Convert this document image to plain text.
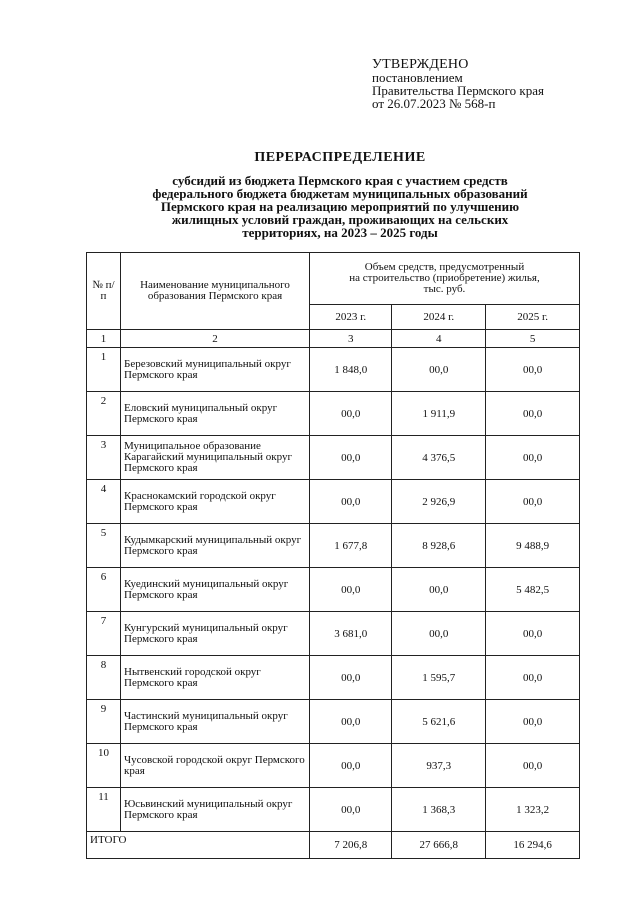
УТВЕРЖДЕНО
постановлением
Правительства Пермского края
от 26.07.2023 № 568-п
ПЕРЕРАСПРЕДЕЛЕНИЕ
субсидий из бюджета Пермского края с участием средств
федерального бюджета бюджетам муниципальных образований
Пермского края на реализацию мероприятий по улучшению
жилищных условий граждан, проживающих на сельских
территориях, на 2023 – 2025 годы
№ п/п	Наименование муниципального образования Пермского края	Объем средств, предусмотренный
на строительство (приобретение) жилья,
тыс. руб.		

		2023 г.	2024 г.	2025 г.
1	2	3	4	5
1	Березовский муниципальный округ Пермского края	1 848,0	00,0	00,0
2	Еловский муниципальный округ Пермского края	00,0	1 911,9	00,0
3	Муниципальное образование Карагайский муниципальный округ Пермского края	00,0	4 376,5	00,0
4	Краснокамский городской округ Пермского края	00,0	2 926,9	00,0
5	Кудымкарский муниципальный округ Пермского края	1 677,8	8 928,6	9 488,9
6	Куединский муниципальный округ Пермского края	00,0	00,0	5 482,5
7	Кунгурский муниципальный округ Пермского края	3 681,0	00,0	00,0
8	Нытвенский городской округ Пермского края	00,0	1 595,7	00,0
9	Частинский муниципальный округ Пермского края	00,0	5 621,6	00,0
10	Чусовской городской округ Пермского края	00,0	937,3	00,0
11	Юсьвинский муниципальный округ Пермского края	00,0	1 368,3	1 323,2
ИТОГО		7 206,8	27 666,8	16 294,6
